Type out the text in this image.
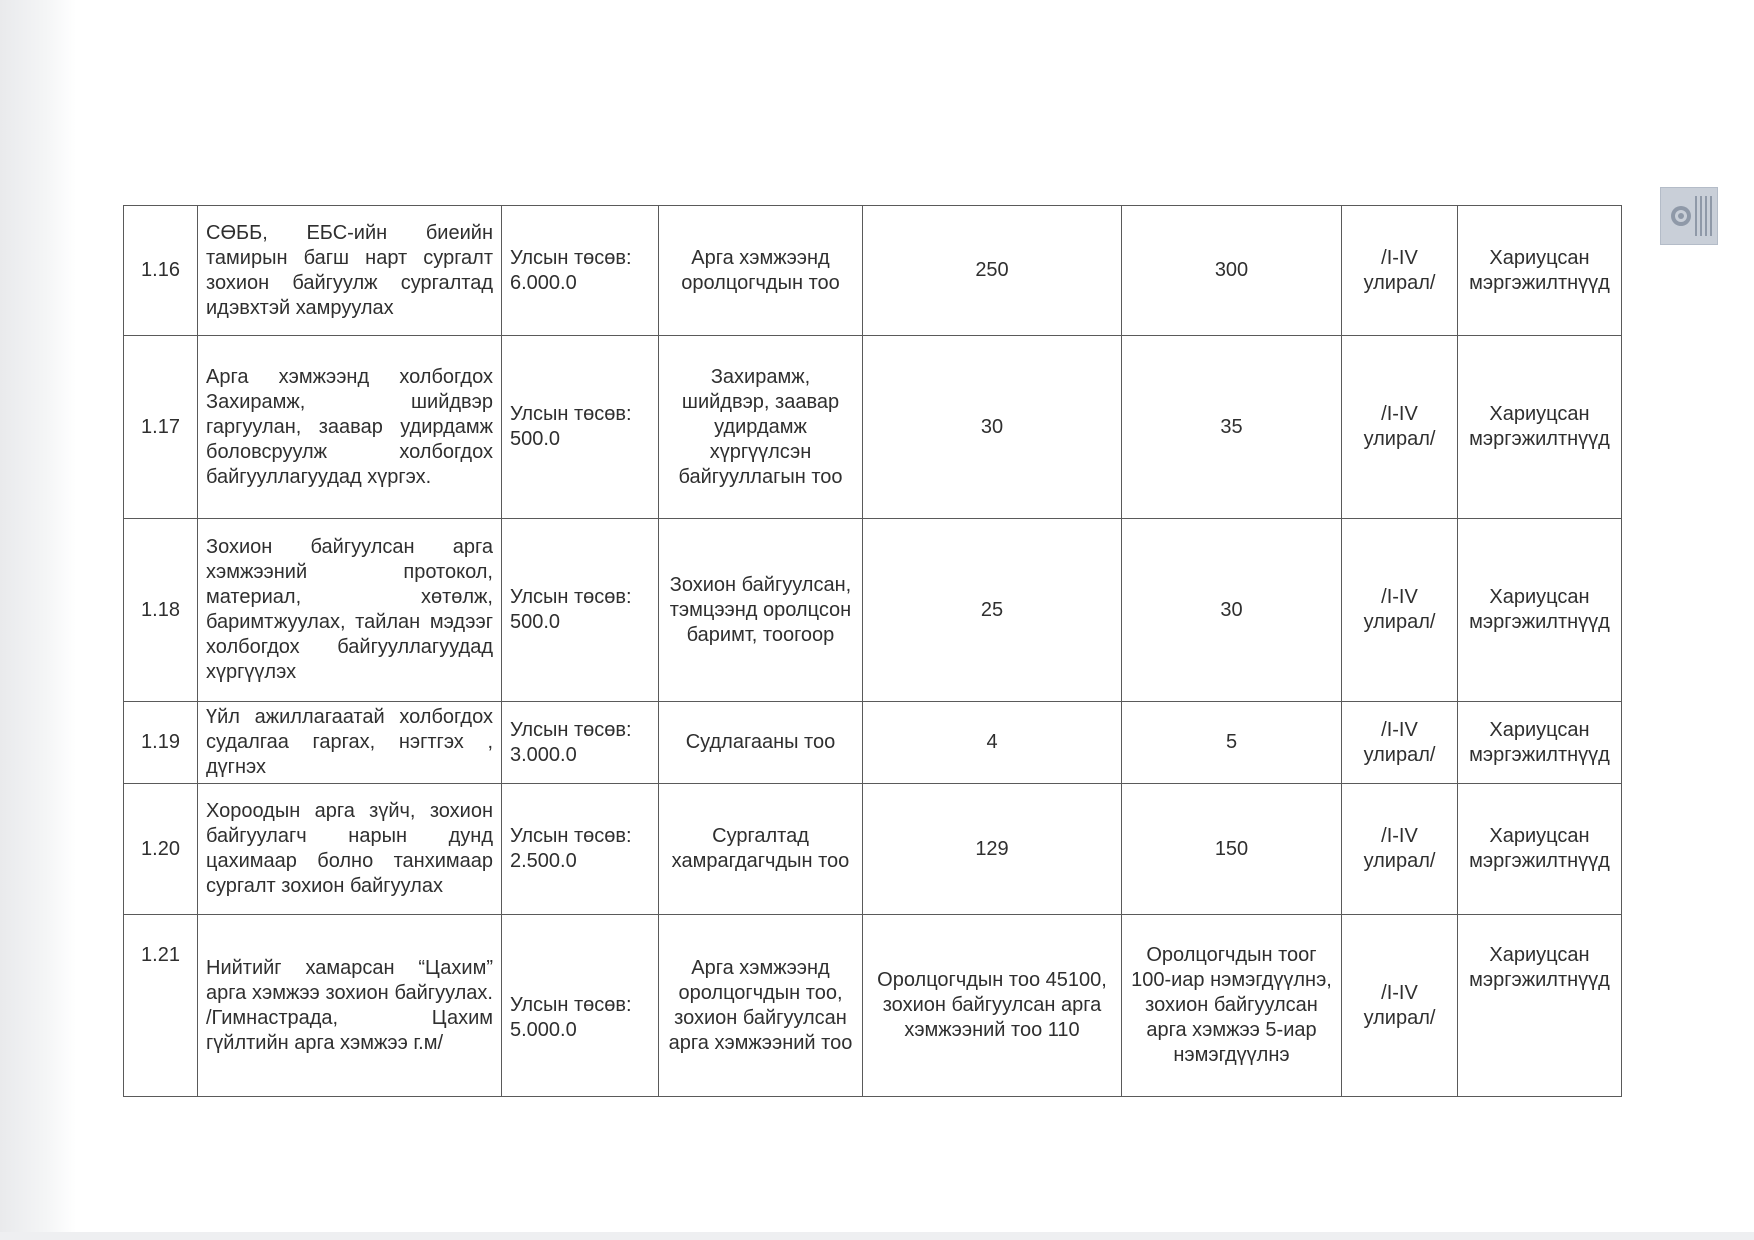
1.16	СӨББ, ЕБС-ийн биеийн тамирын багш нарт сургалт зохион байгуулж сургалтад идэвхтэй хамруулах	Улсын төсөв:
6.000.0	Арга хэмжээнд оролцогчдын тоо	250	300	/I-IV улирал/	Хариуцсан мэргэжилтнүүд
1.17	Арга хэмжээнд холбогдох Захирамж, шийдвэр гаргуулан, заавар удирдамж боловсруулж холбогдох байгууллагуудад хүргэх.	Улсын төсөв:
500.0	Захирамж, шийдвэр, заавар удирдамж хүргүүлсэн байгууллагын тоо	30	35	/I-IV улирал/	Хариуцсан мэргэжилтнүүд
1.18	Зохион байгуулсан арга хэмжээний протокол, материал, хөтөлж, баримтжуулах, тайлан мэдээг холбогдох байгууллагуудад хүргүүлэх	Улсын төсөв:
500.0	Зохион байгуулсан, тэмцээнд оролцсон баримт, тоогоор	25	30	/I-IV улирал/	Хариуцсан мэргэжилтнүүд
1.19	Үйл ажиллагаатай холбогдох судалгаа гаргах, нэгтгэх , дүгнэх	Улсын төсөв:
3.000.0	Судлагааны тоо	4	5	/I-IV улирал/	Хариуцсан мэргэжилтнүүд
1.20	Хороодын арга зүйч, зохион байгуулагч нарын дунд цахимаар болно танхимаар сургалт зохион байгуулах	Улсын төсөв:
2.500.0	Сургалтад хамрагдагчдын тоо	129	150	/I-IV улирал/	Хариуцсан мэргэжилтнүүд
1.21	Нийтийг хамарсан “Цахим” арга хэмжээ зохион байгуулах. /Гимнастрада, Цахим гүйлтийн арга хэмжээ г.м/	Улсын төсөв:
5.000.0	Арга хэмжээнд оролцогчдын тоо, зохион байгуулсан арга хэмжээний тоо	Оролцогчдын тоо 45100, зохион байгуулсан арга хэмжээний тоо 110	Оролцогчдын тоог 100-иар нэмэгдүүлнэ, зохион байгуулсан арга хэмжээ 5-иар нэмэгдүүлнэ	/I-IV улирал/	Хариуцсан мэргэжилтнүүд
